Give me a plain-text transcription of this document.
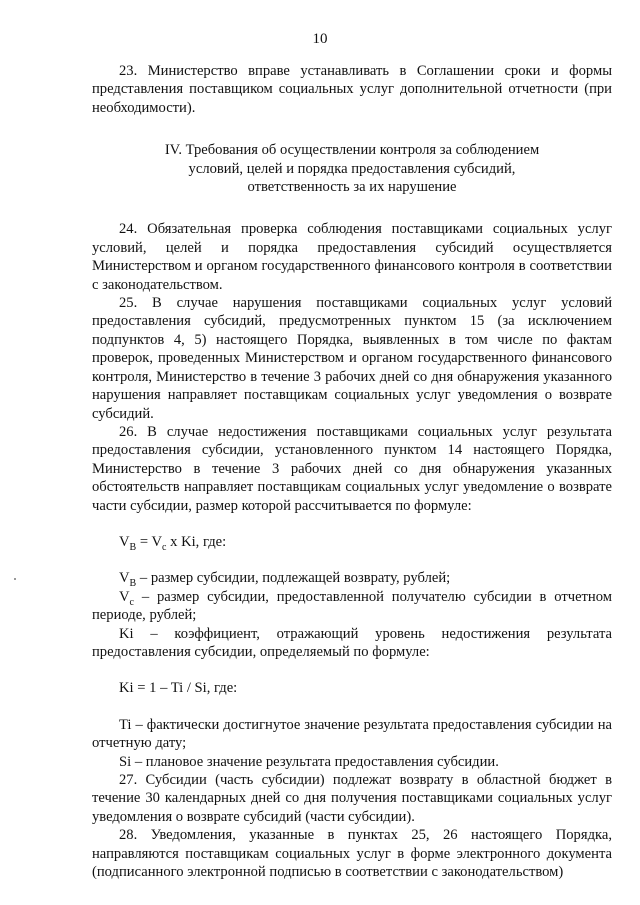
10

23. Министерство вправе устанавливать в Соглашении сроки и формы представления поставщиком социальных услуг дополнительной отчетности (при необходимости).

IV. Требования об осуществлении контроля за соблюдением

условий, целей и порядка предоставления субсидий,

ответственность за их нарушение

24. Обязательная проверка соблюдения поставщиками социальных услуг условий, целей и порядка предоставления субсидий осуществляется Министерством и органом государственного финансового контроля в соответствии с законодательством.

25. В случае нарушения поставщиками социальных услуг условий предоставления субсидий, предусмотренных пунктом 15 (за исключением подпунктов 4, 5) настоящего Порядка, выявленных в том числе по фактам проверок, проведенных Министерством и органом государственного финансового контроля, Министерство в течение 3 рабочих дней со дня обнаружения указанного нарушения направляет поставщикам социальных услуг уведомления о возврате субсидий.

26. В случае недостижения поставщиками социальных услуг результата предоставления субсидии, установленного пунктом 14 настоящего Порядка, Министерство в течение 3 рабочих дней со дня обнаружения указанных обстоятельств направляет поставщикам социальных услуг уведомление о возврате части субсидии, размер которой рассчитывается по формуле:

$V_B = V_c$ x Ki, где:

$V_B$ – размер субсидии, подлежащей возврату, рублей;

$V_c$ – размер субсидии, предоставленной получателю субсидии в отчетном периоде, рублей;

Ki – коэффициент, отражающий уровень недостижения результата предоставления субсидии, определяемый по формуле:

Ki = 1 – Ti / Si, где:

Ti – фактически достигнутое значение результата предоставления субсидии на отчетную дату;

Si – плановое значение результата предоставления субсидии.

27. Субсидии (часть субсидии) подлежат возврату в областной бюджет в течение 30 календарных дней со дня получения поставщиками социальных услуг уведомления о возврате субсидий (части субсидии).

28. Уведомления, указанные в пунктах 25, 26 настоящего Порядка, направляются поставщикам социальных услуг в форме электронного документа (подписанного электронной подписью в соответствии с законодательством)
